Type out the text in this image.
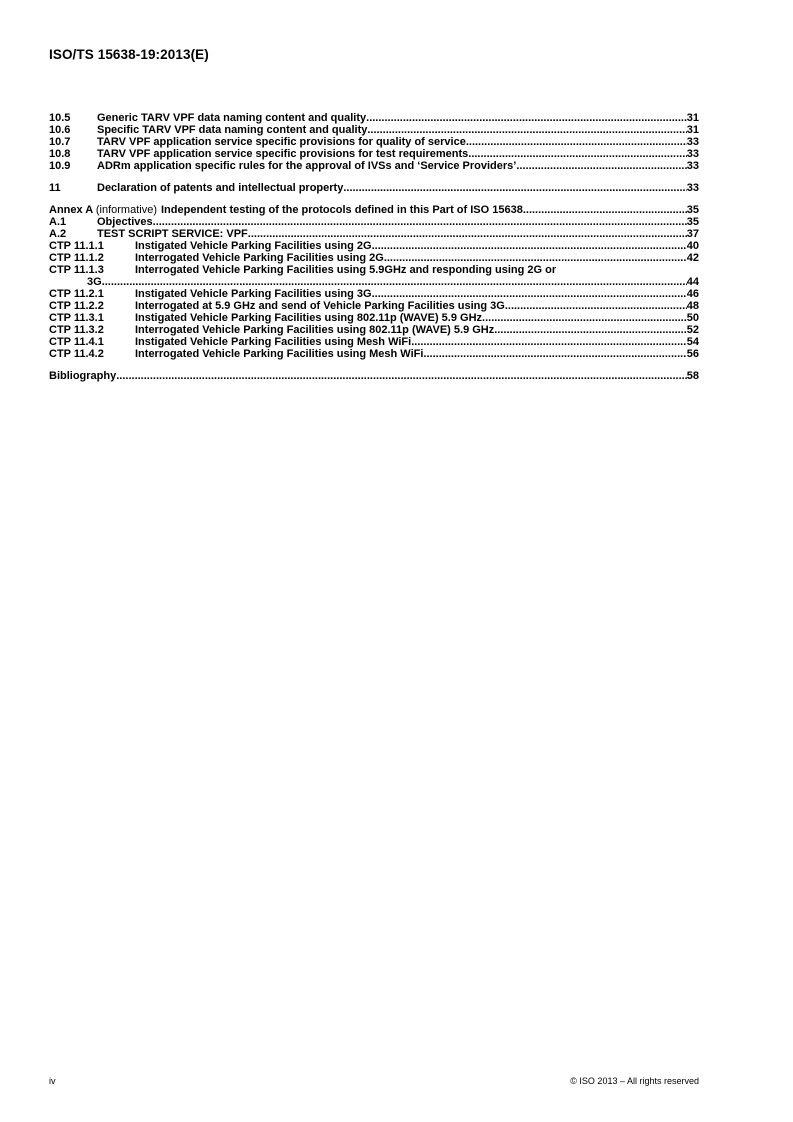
ISO/TS 15638-19:2013(E)
10.5	Generic TARV VPF data naming content and quality .....	31
10.6	Specific TARV VPF data naming content and quality .....	31
10.7	TARV VPF application service specific provisions for quality of service .....	33
10.8	TARV VPF application service specific provisions for test requirements .....	33
10.9	ADRm application specific rules for the approval of IVSs and ‘Service Providers’ .....	33
11	Declaration of patents and intellectual property .....	33
Annex A (informative) Independent testing of the protocols defined in this Part of ISO 15638 .....	35
A.1	Objectives .....	35
A.2	TEST SCRIPT SERVICE: VPF .....	37
CTP 11.1.1	Instigated Vehicle Parking Facilities using 2G .....	40
CTP 11.1.2	Interrogated Vehicle Parking Facilities using 2G .....	42
CTP 11.1.3	Interrogated Vehicle Parking Facilities using 5.9GHz and responding using 2G or
3G .....	44
CTP 11.2.1	Instigated Vehicle Parking Facilities using 3G .....	46
CTP 11.2.2	Interrogated at 5.9 GHz and send of Vehicle Parking Facilities using 3G .....	48
CTP 11.3.1	Instigated Vehicle Parking Facilities using 802.11p (WAVE) 5.9 GHz .....	50
CTP 11.3.2	Interrogated Vehicle Parking Facilities using 802.11p (WAVE) 5.9 GHz .....	52
CTP 11.4.1	Instigated Vehicle Parking Facilities using Mesh WiFi .....	54
CTP 11.4.2	Interrogated Vehicle Parking Facilities using Mesh WiFi .....	56
Bibliography .....	58
iv	© ISO 2013 – All rights reserved
